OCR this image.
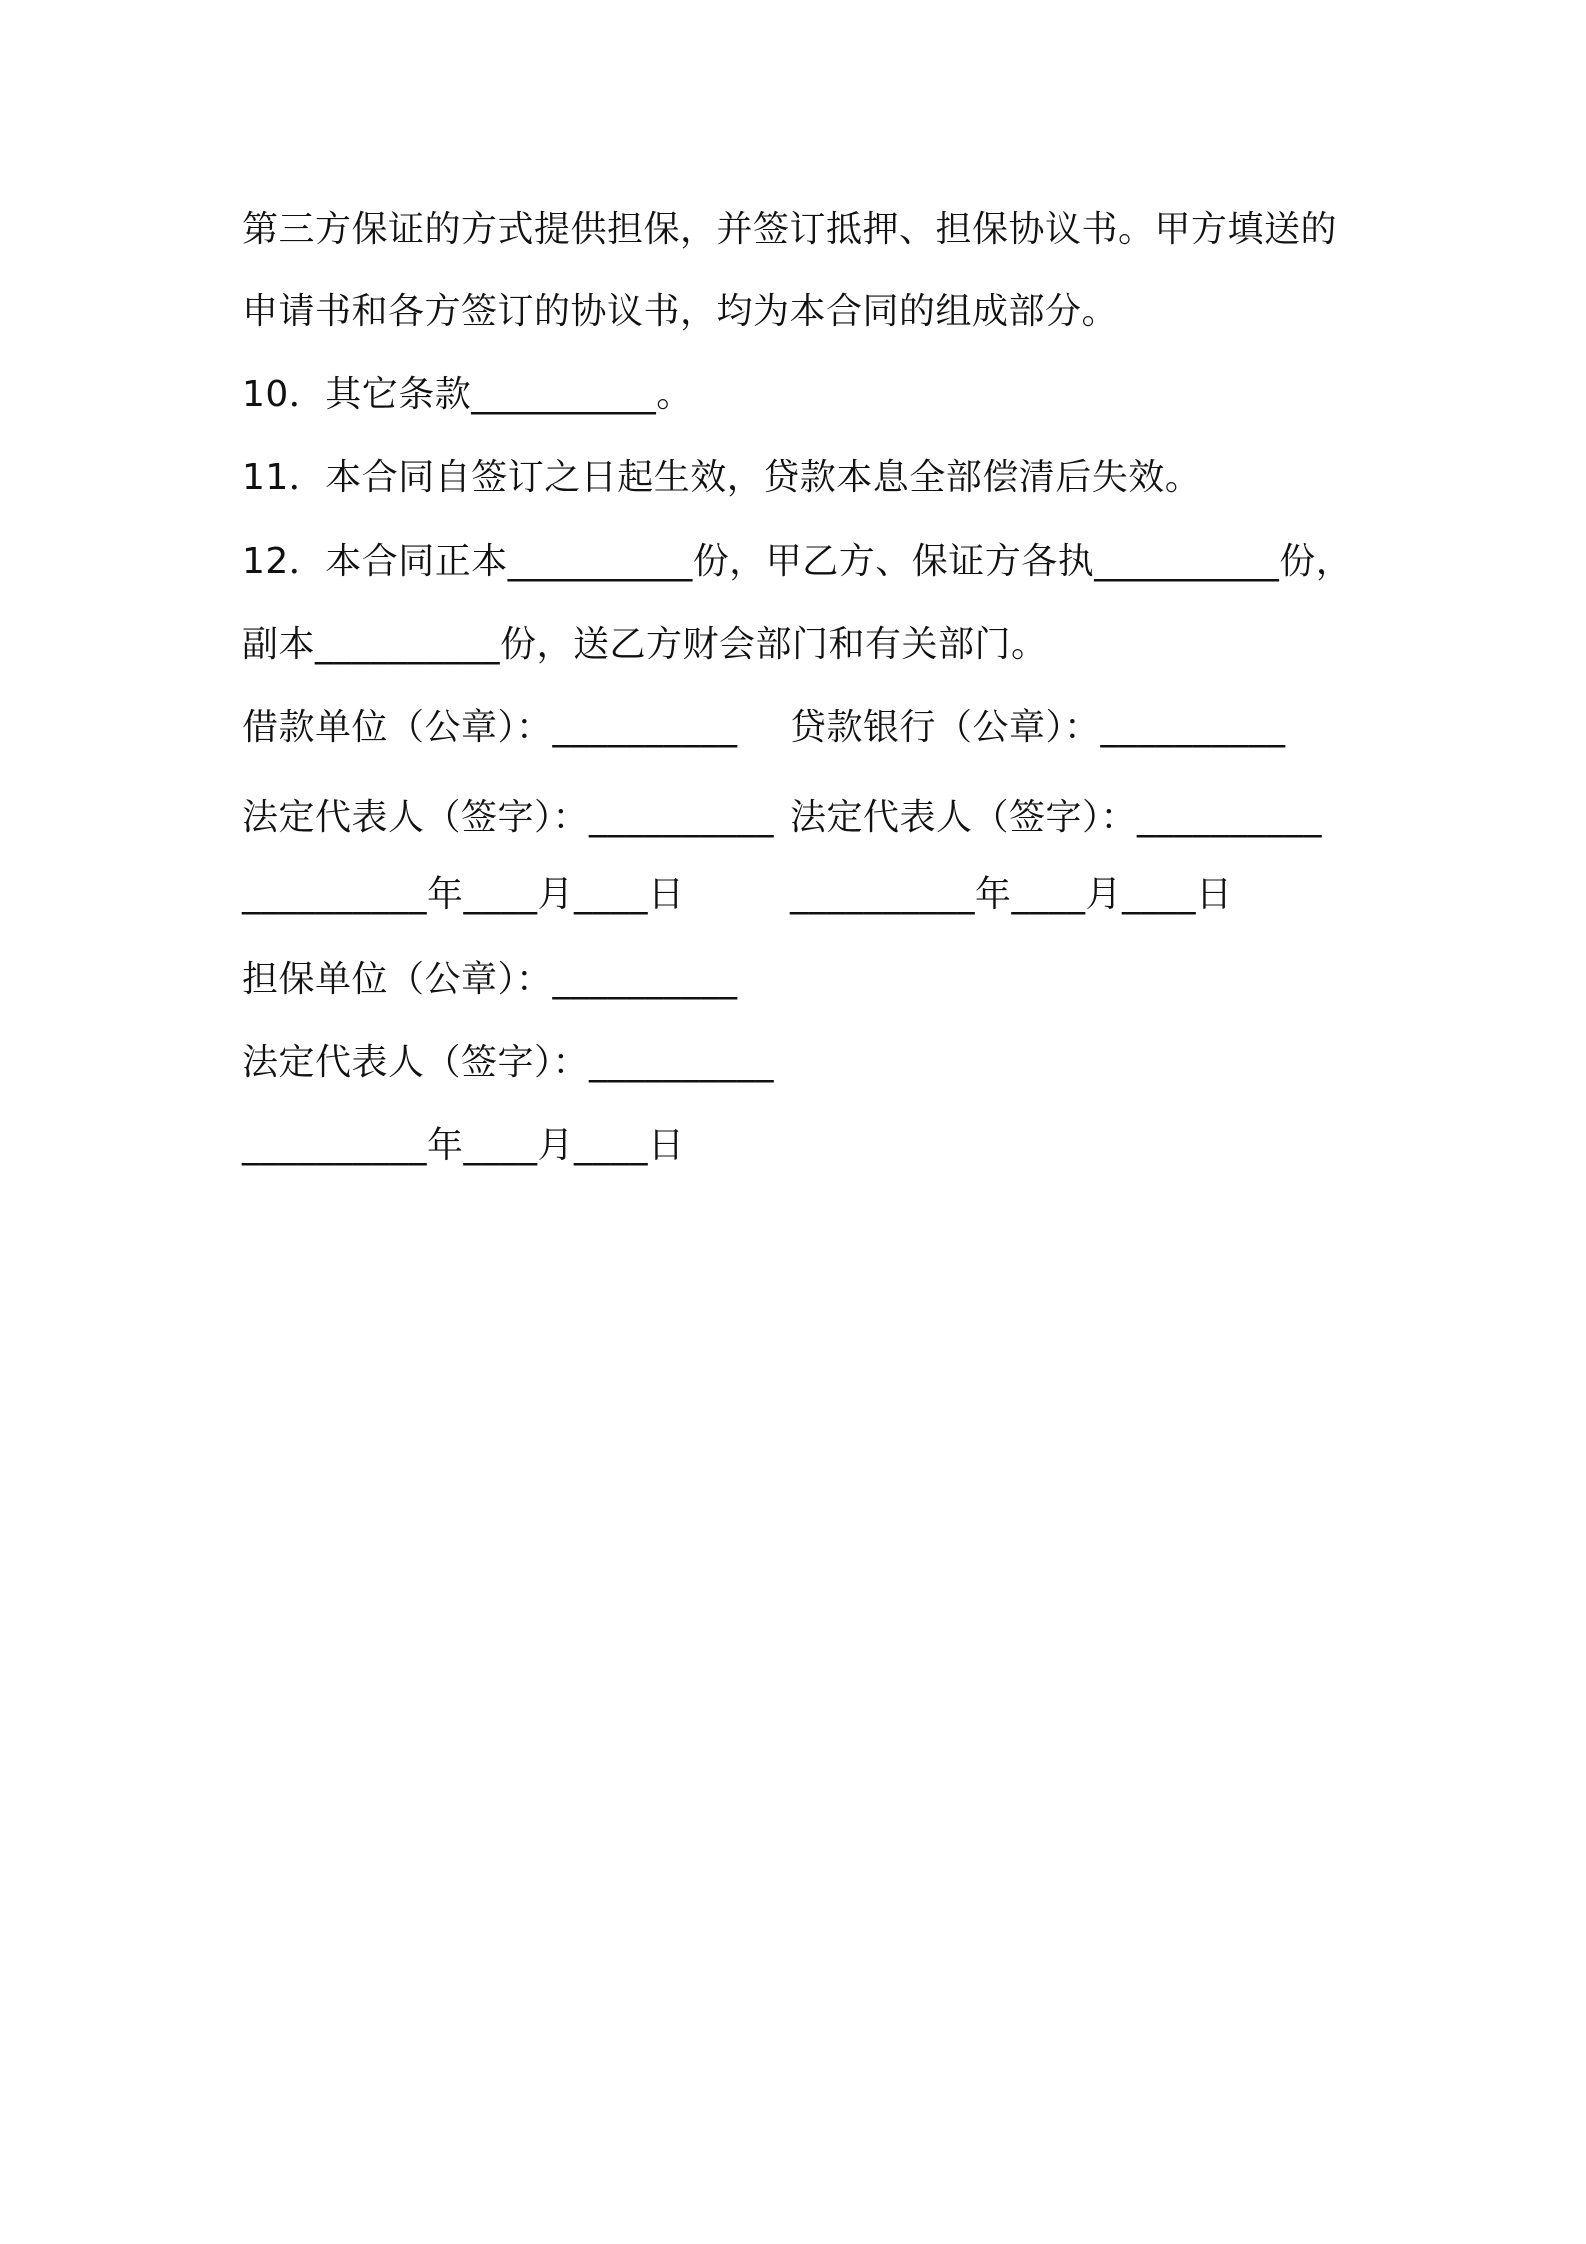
第三方保证的方式提供担保，并签订抵押、担保协议书。甲方填送的
申请书和各方签订的协议书，均为本合同的组成部分。
10．其它条款__________。
11．本合同自签订之日起生效，贷款本息全部偿清后失效。
12．本合同正本__________份，甲乙方、保证方各执__________份，
副本__________份，送乙方财会部门和有关部门。
借款单位（公章）：__________ 贷款银行（公章）：__________
法定代表人（签字）：__________ 法定代表人（签字）：__________
__________年____月____日	__________年____月____日
担保单位（公章）：__________
法定代表人（签字）：__________
__________年____月____日
